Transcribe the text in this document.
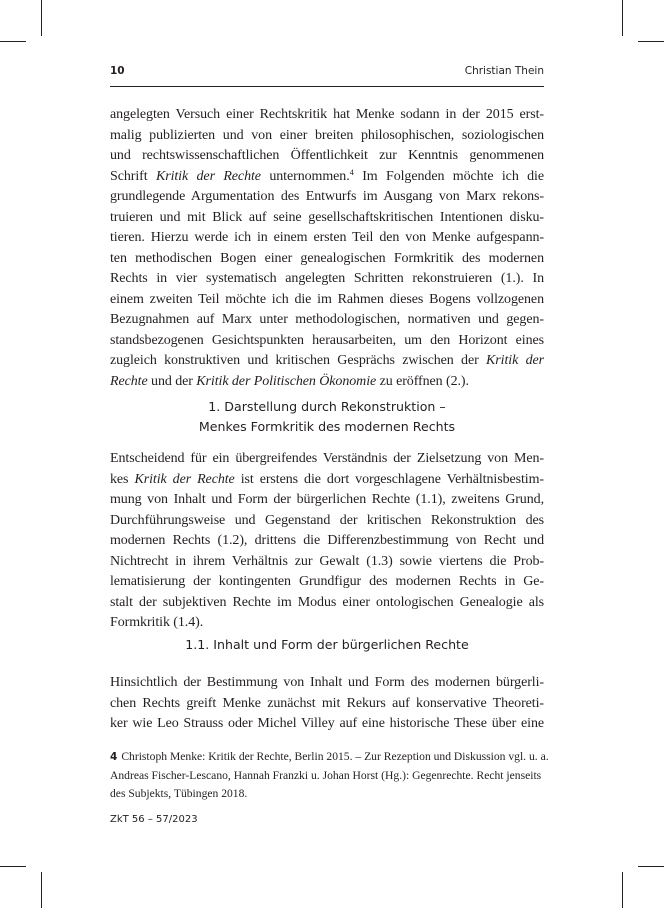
10	Christian Thein

angelegten Versuch einer Rechtskritik hat Menke sodann in der 2015 erst-
malig publizierten und von einer breiten philosophischen, soziologischen
und rechtswissenschaftlichen Öffentlichkeit zur Kenntnis genommenen
Schrift Kritik der Rechte unternommen.$^4$ Im Folgenden möchte ich die
grundlegende Argumentation des Entwurfs im Ausgang von Marx rekons-
truieren und mit Blick auf seine gesellschaftskritischen Intentionen disku-
tieren. Hierzu werde ich in einem ersten Teil den von Menke aufgespann-
ten methodischen Bogen einer genealogischen Formkritik des modernen
Rechts in vier systematisch angelegten Schritten rekonstruieren (1.). In
einem zweiten Teil möchte ich die im Rahmen dieses Bogens vollzogenen
Bezugnahmen auf Marx unter methodologischen, normativen und gegen-
standsbezogenen Gesichtspunkten herausarbeiten, um den Horizont eines
zugleich konstruktiven und kritischen Gesprächs zwischen der Kritik der
Rechte und der Kritik der Politischen Ökonomie zu eröffnen (2.).

1. Darstellung durch Rekonstruktion –
Menkes Formkritik des modernen Rechts

Entscheidend für ein übergreifendes Verständnis der Zielsetzung von Men-
kes Kritik der Rechte ist erstens die dort vorgeschlagene Verhältnisbestim-
mung von Inhalt und Form der bürgerlichen Rechte (1.1), zweitens Grund,
Durchführungsweise und Gegenstand der kritischen Rekonstruktion des
modernen Rechts (1.2), drittens die Differenzbestimmung von Recht und
Nichtrecht in ihrem Verhältnis zur Gewalt (1.3) sowie viertens die Prob-
lematisierung der kontingenten Grundfigur des modernen Rechts in Ge-
stalt der subjektiven Rechte im Modus einer ontologischen Genealogie als
Formkritik (1.4).

1.1. Inhalt und Form der bürgerlichen Rechte

Hinsichtlich der Bestimmung von Inhalt und Form des modernen bürgerli-
chen Rechts greift Menke zunächst mit Rekurs auf konservative Theoreti-
ker wie Leo Strauss oder Michel Villey auf eine historische These über eine

4 Christoph Menke: Kritik der Rechte, Berlin 2015. – Zur Rezeption und Diskussion vgl. u. a.
Andreas Fischer-Lescano, Hannah Franzki u. Johan Horst (Hg.): Gegenrechte. Recht jenseits
des Subjekts, Tübingen 2018.
ZkT 56 – 57/2023
